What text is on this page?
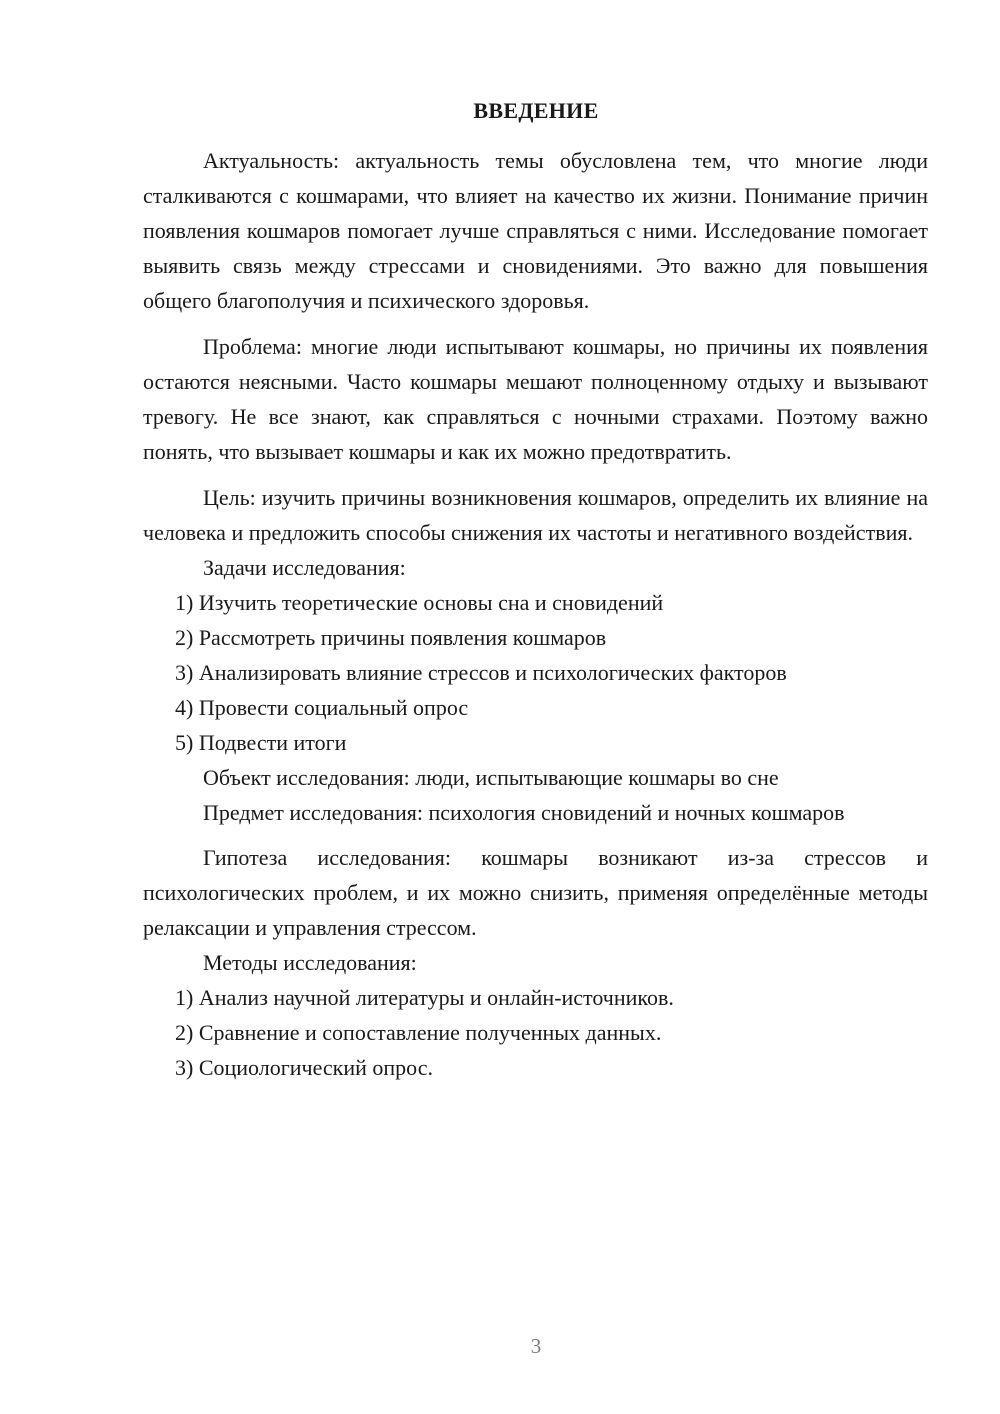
ВВЕДЕНИЕ

Актуальность: актуальность темы обусловлена тем, что многие люди сталкиваются с кошмарами, что влияет на качество их жизни. Понимание причин появления кошмаров помогает лучше справляться с ними. Исследование помогает выявить связь между стрессами и сновидениями. Это важно для повышения общего благополучия и психического здоровья.

Проблема: многие люди испытывают кошмары, но причины их появления остаются неясными. Часто кошмары мешают полноценному отдыху и вызывают тревогу. Не все знают, как справляться с ночными страхами. Поэтому важно понять, что вызывает кошмары и как их можно предотвратить.

Цель: изучить причины возникновения кошмаров, определить их влияние на человека и предложить способы снижения их частоты и негативного воздействия.

Задачи исследования:

1) Изучить теоретические основы сна и сновидений

2) Рассмотреть причины появления кошмаров

3) Анализировать влияние стрессов и психологических факторов

4) Провести социальный опрос

5) Подвести итоги

Объект исследования: люди, испытывающие кошмары во сне

Предмет исследования: психология сновидений и ночных кошмаров

Гипотеза исследования: кошмары возникают из-за стрессов и психологических проблем, и их можно снизить, применяя определённые методы релаксации и управления стрессом.

Методы исследования:

1) Анализ научной литературы и онлайн-источников.

2) Сравнение и сопоставление полученных данных.

3) Социологический опрос.

3
